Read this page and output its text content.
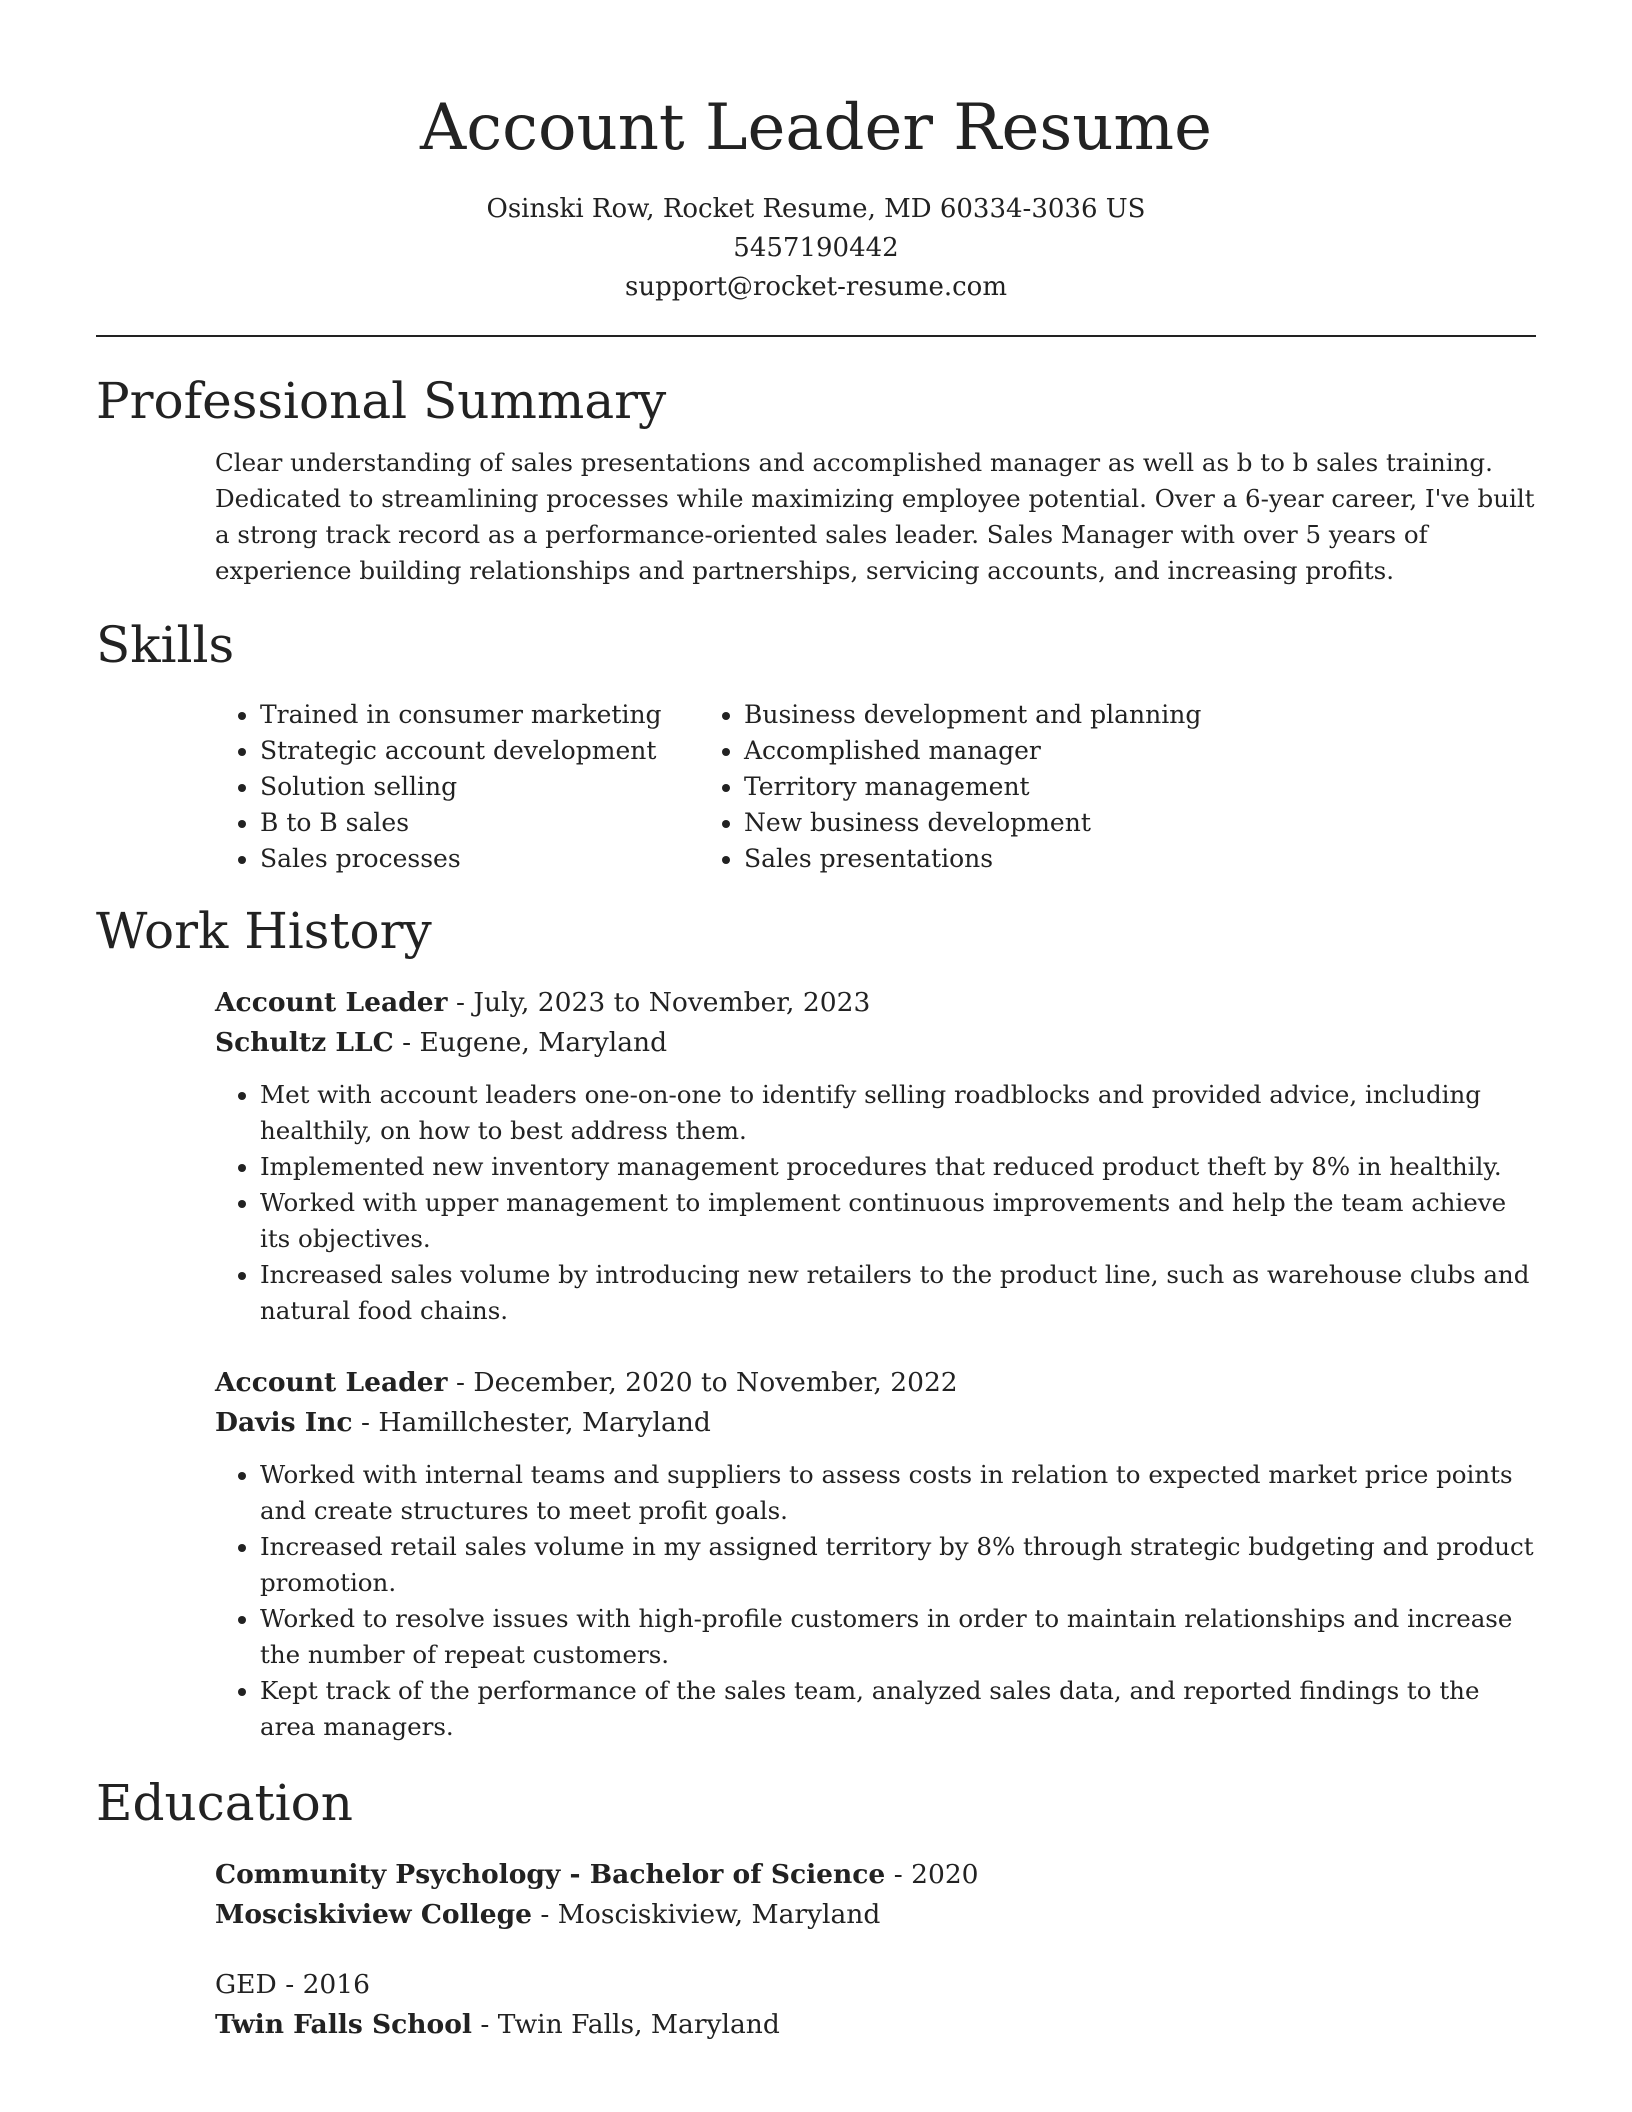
Account Leader Resume
Osinski Row, Rocket Resume, MD 60334-3036 US
5457190442
support@rocket-resume.com
Professional Summary

Clear understanding of sales presentations and accomplished manager as well as b to b sales training. Dedicated to streamlining processes while maximizing employee potential. Over a 6-year career, I've built a strong track record as a performance-oriented sales leader. Sales Manager with over 5 years of experience building relationships and partnerships, servicing accounts, and increasing profits.

Skills
• Trained in consumer marketing
• Strategic account development
• Solution selling
• B to B sales
• Sales processes
• Business development and planning
• Accomplished manager
• Territory management
• New business development
• Sales presentations
Work History
Account Leader - July, 2023 to November, 2023
Schultz LLC - Eugene, Maryland
• Met with account leaders one-on-one to identify selling roadblocks and provided advice, including healthily, on how to best address them.
• Implemented new inventory management procedures that reduced product theft by 8% in healthily.
• Worked with upper management to implement continuous improvements and help the team achieve its objectives.
• Increased sales volume by introducing new retailers to the product line, such as warehouse clubs and natural food chains.
Account Leader - December, 2020 to November, 2022
Davis Inc - Hamillchester, Maryland
• Worked with internal teams and suppliers to assess costs in relation to expected market price points and create structures to meet profit goals.
• Increased retail sales volume in my assigned territory by 8% through strategic budgeting and product promotion.
• Worked to resolve issues with high-profile customers in order to maintain relationships and increase the number of repeat customers.
• Kept track of the performance of the sales team, analyzed sales data, and reported findings to the area managers.
Education
Community Psychology - Bachelor of Science - 2020
Mosciskiview College - Mosciskiview, Maryland
GED - 2016
Twin Falls School - Twin Falls, Maryland
